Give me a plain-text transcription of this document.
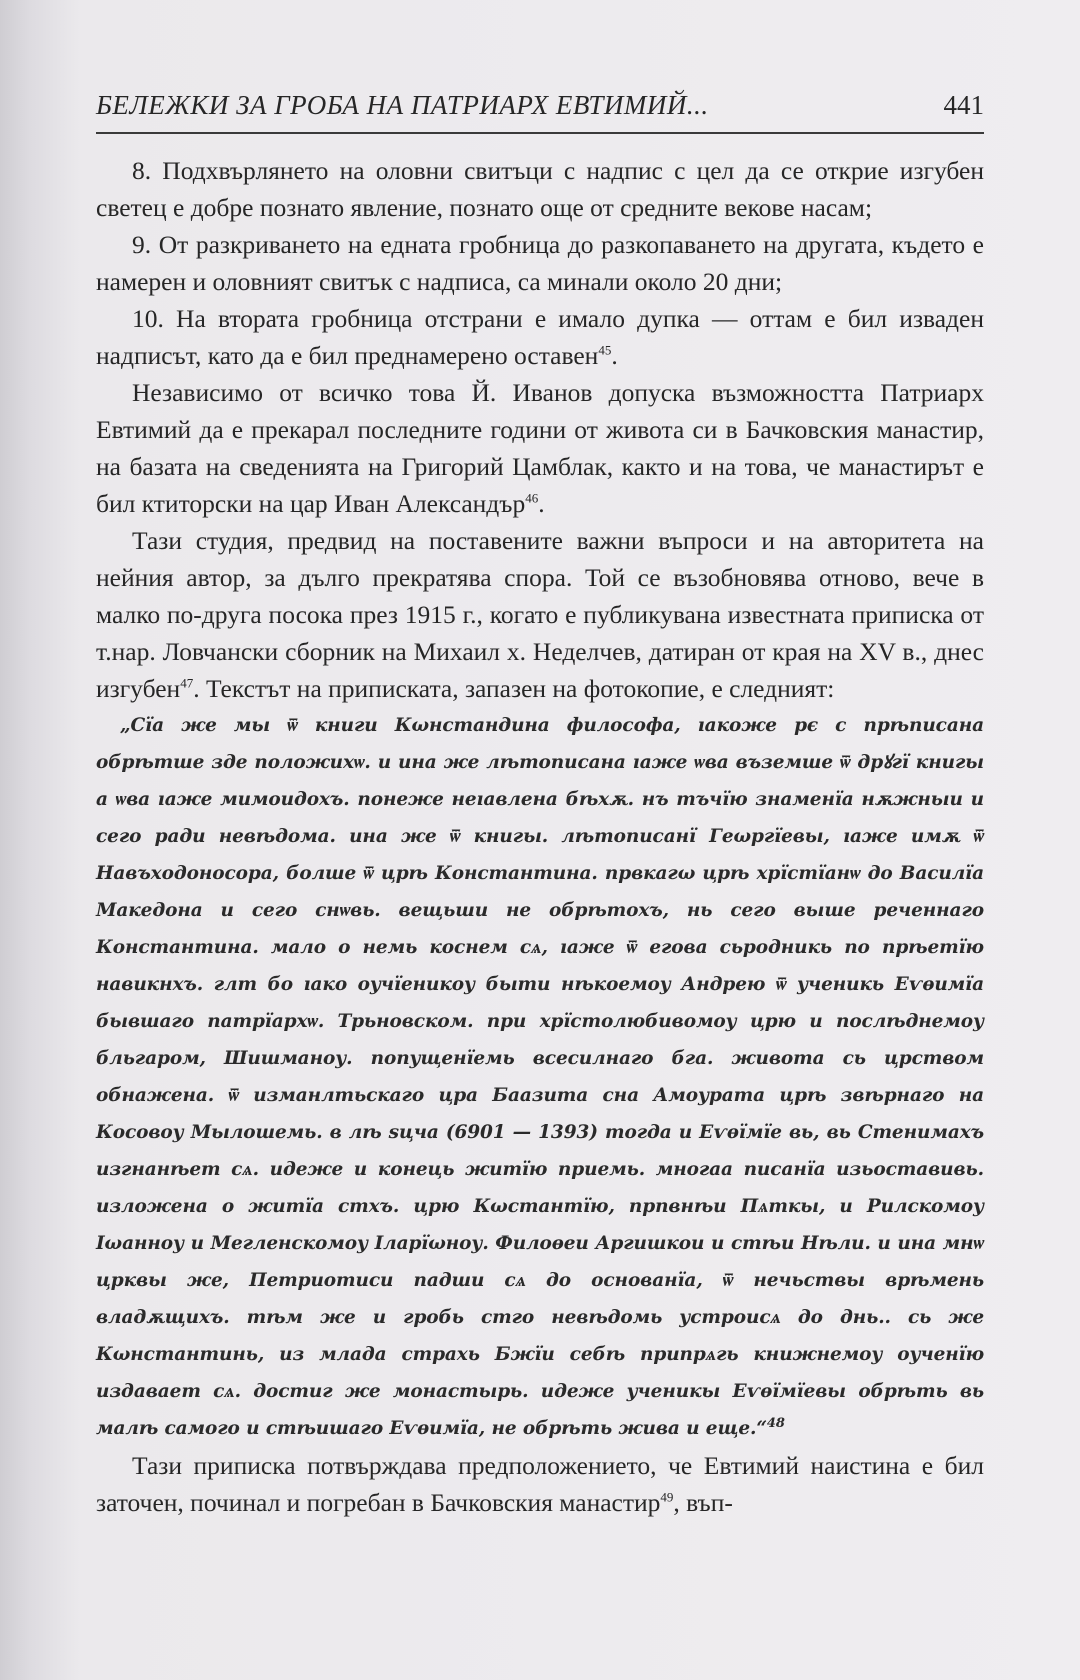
БЕЛЕЖКИ ЗА ГРОБА НА ПАТРИАРХ ЕВТИМИЙ...	441

8. Подхвърлянето на оловни свитъци с надпис с цел да се открие изгубен светец е добре познато явление, познато още от средните векове насам;

9. От разкриването на едната гробница до разкопаването на другата, където е намерен и оловният свитък с надписа, са минали около 20 дни;

10. На втората гробница отстрани е имало дупка — оттам е бил изваден надписът, като да е бил преднамерено оставен$^{45}$.

Независимо от всичко това Й. Иванов допуска възможността Патриарх Евтимий да е прекарал последните години от живота си в Бачковския манастир, на базата на сведенията на Григорий Цамблак, както и на това, че манастирът е бил ктиторски на цар Иван Александър$^{46}$.

Тази студия, предвид на поставените важни въпроси и на авторитета на нейния автор, за дълго прекратява спора. Той се възобновява отново, вече в малко по-друга посока през 1915 г., когато е публикувана известната приписка от т.нар. Ловчански сборник на Михаил х. Неделчев, датиран от края на XV в., днес изгубен$^{47}$. Текстът на приписката, запазен на фотокопие, е следният:

„Сїа же мы ѿ книги Кωнстандина философа, ıакоже рє с прѣписана обрѣтше зде положихѡ. и ина же лѣтописана ıаже ѡва въземше ѿ дрꙋгї книгы а ѡва ıаже мимоидохъ. понеже неıавлена бѣхѫ. нъ тъчїю знаменїа нѫжныи и сего ради невѣдома. ина же ѿ книгы. лѣтописанї Геωргїевы, ıаже имѫ ѿ Навъходоносора, болше ѿ црѣ Константина. првкагω црѣ хрїстїанѡ до Василїа Македона и сего снѡвь. вещьши не обрѣтохъ, нь сего выше реченнаго Константина. мало о немь коснем сѧ, ıаже ѿ егова сьродникь по прѣетїю навикнхъ. глт бо ıако оучїеникоу быти нѣкоемоу Андрею ѿ ученикь Еѵѳимїа бывшаго патрїархѡ. Трьновском. при хрїстолюбивомоу црю и послѣднемоу бльгаром, Шишманоу. попущенїемь всесилнаго бга. живота сь црством обнажена. ѿ изманлтьскаго цра Баазита сна Амоурата црѣ звѣрнаго на Косовоу Мылошемь. в лѣ ѕцча (6901 — 1393) тогда и Еѵѳїмїе вь, вь Стенимахъ изгнанѣет сѧ. идеже и конець житїю приемь. многаа писанїа изьоставивь. изложена о житїа стхъ. црю Кωстантїю, прпвнѣи Пѧткы, и Рилскомоу Іωанноу и Мегленскомоу Іларїωноу. Филоѳеи Аргишкои и стѣи Нѣли. и ина мнѡ црквы же, Петриотиси падши сѧ до основанїа, ѿ нечьствы врѣмень владѫщихъ. тѣм же и гробь стго невѣдомь устроисѧ до днь.. сь же Кωнстантинь, из млада страхь Бжїи себѣ припрѧгь книжнемоу оученїю издавает сѧ. достиг же монастырь. идеже ученикы Еѵѳїмїевы обрѣть вь малѣ самого и стѣишаго Еѵѳимїа, не обрѣть жива и еще.“$^{48}$

Тази приписка потвърждава предположението, че Евтимий наистина е бил заточен, починал и погребан в Бачковския манастир$^{49}$, въп-
